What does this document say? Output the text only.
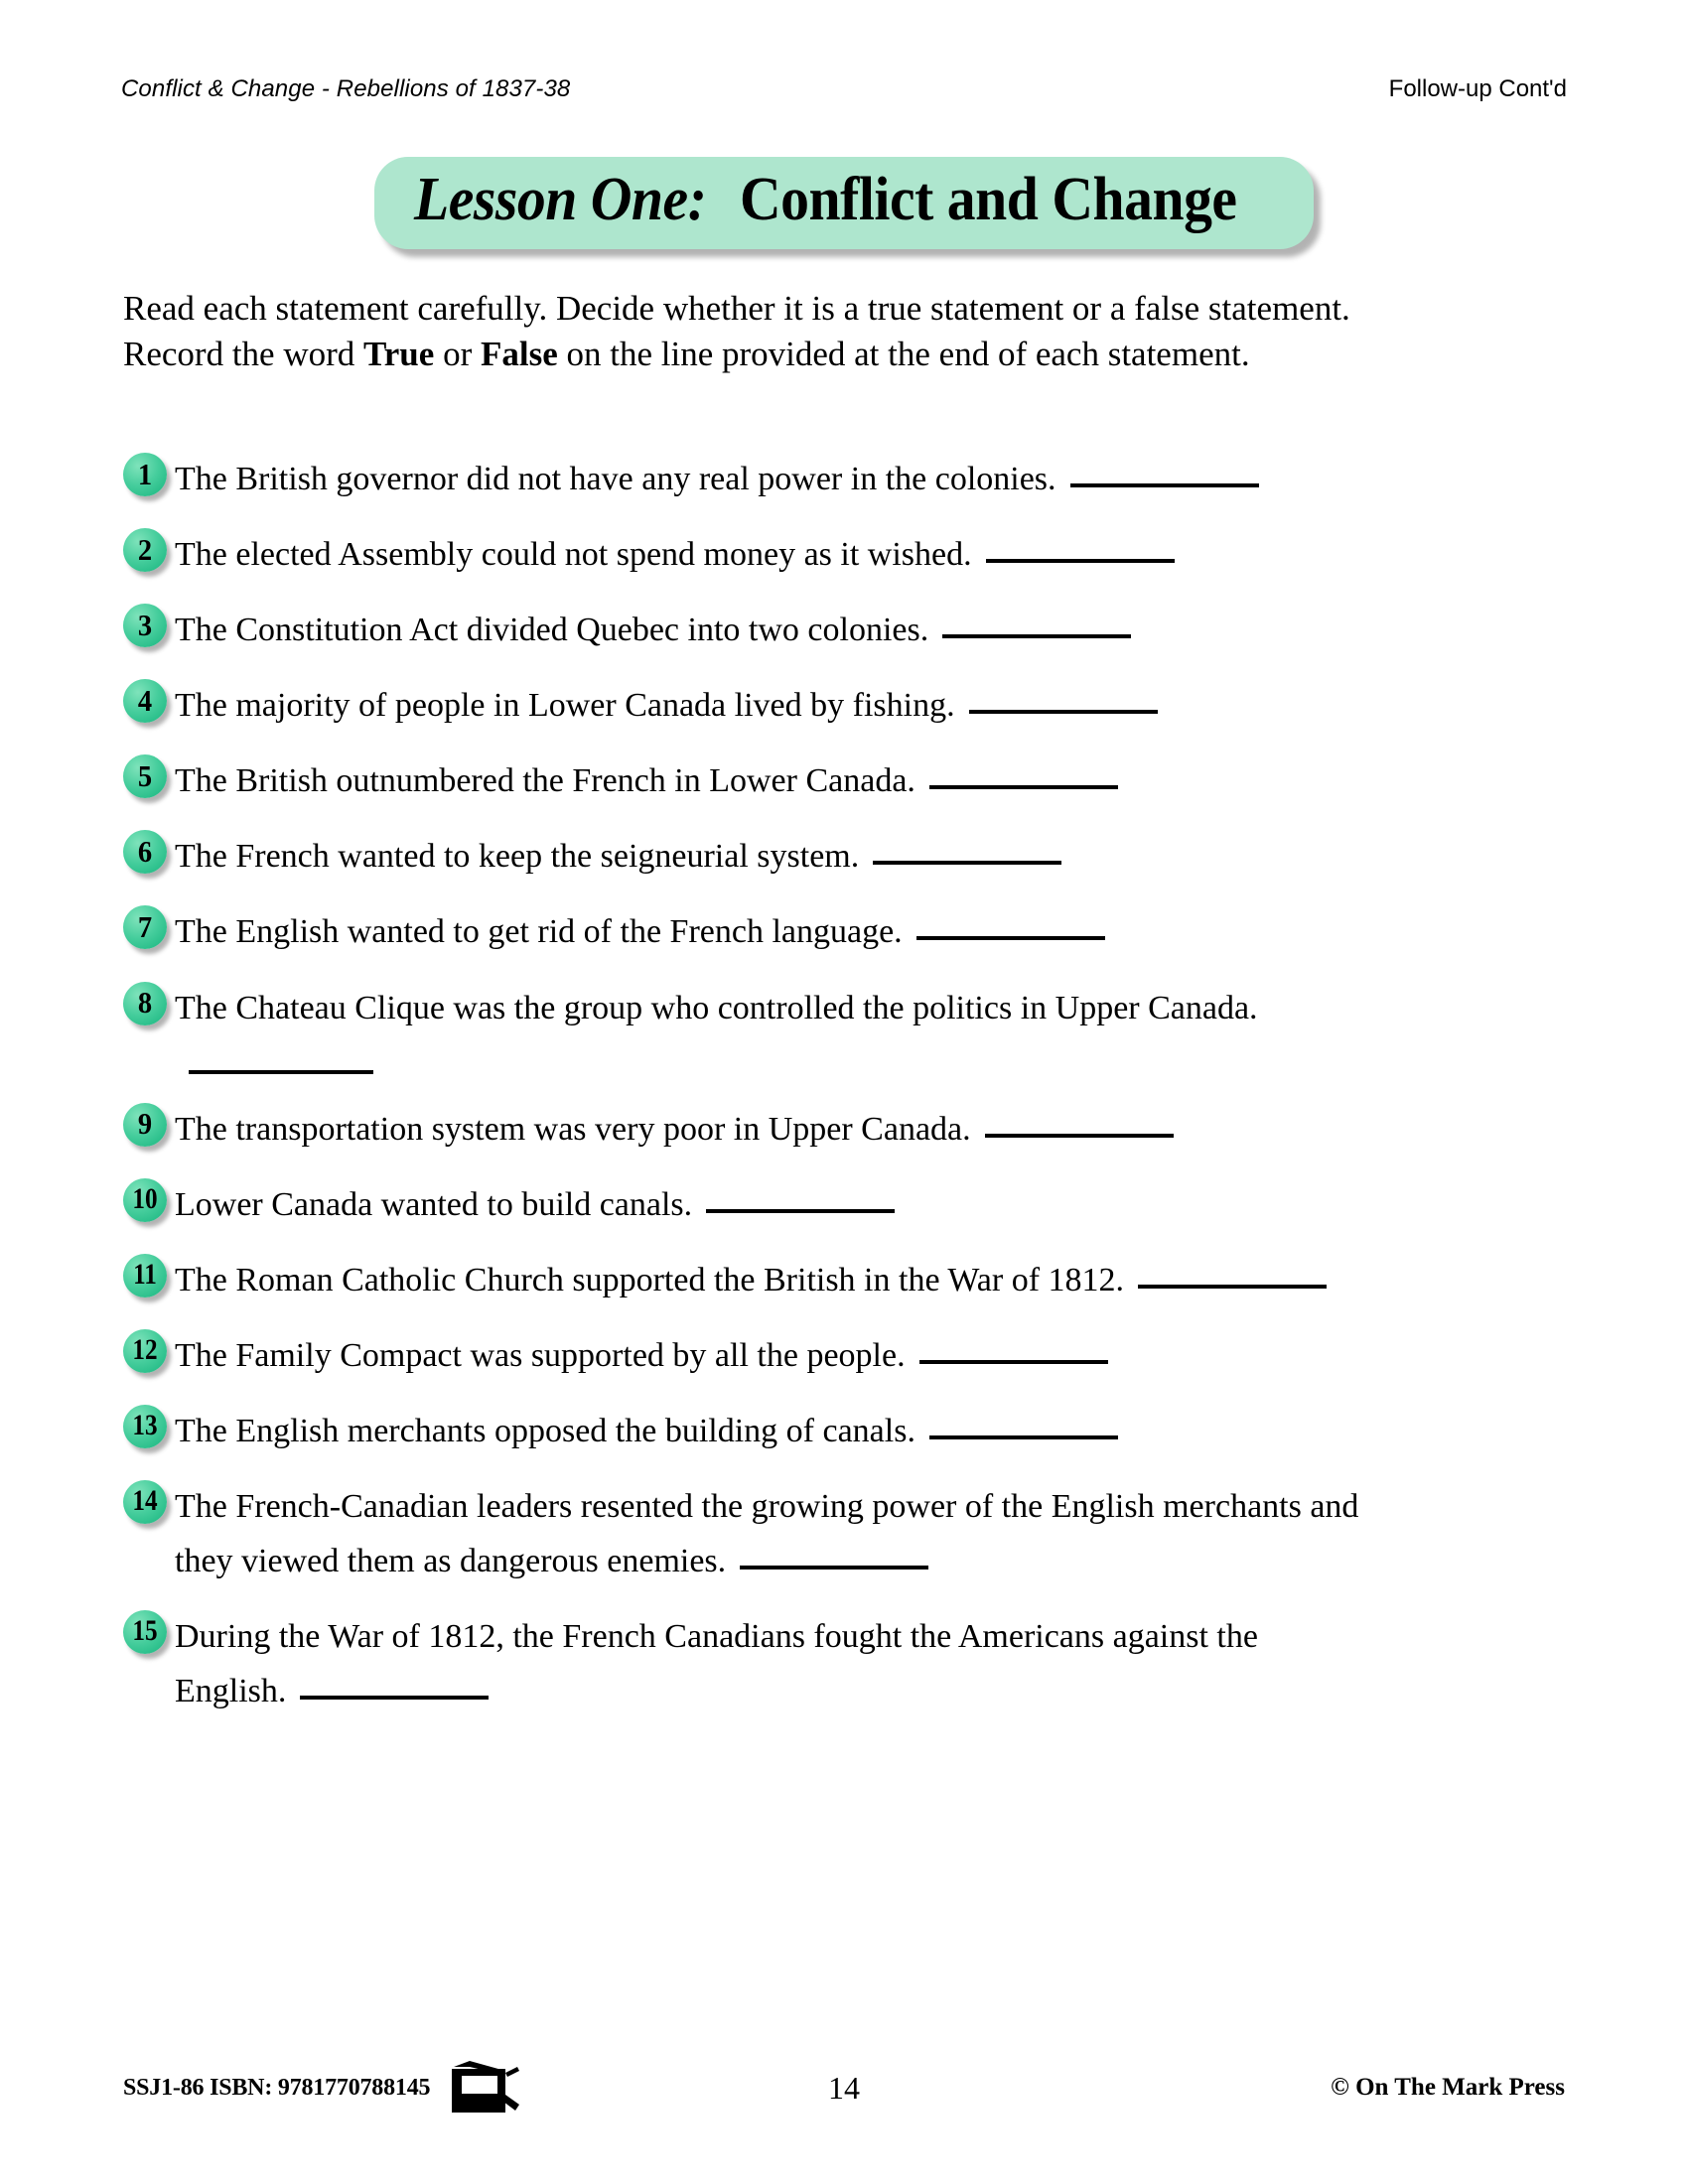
Conflict & Change - Rebellions of 1837-38	Follow-up Cont'd
Lesson One: Conflict and Change

Read each statement carefully. Decide whether it is a true statement or a false statement.

Record the word True or False on the line provided at the end of each statement.

1 The British governor did not have any real power in the colonies.
2 The elected Assembly could not spend money as it wished.
3 The Constitution Act divided Quebec into two colonies.
4 The majority of people in Lower Canada lived by fishing.
5 The British outnumbered the French in Lower Canada.
6 The French wanted to keep the seigneurial system.
7 The English wanted to get rid of the French language.
8 The Chateau Clique was the group who controlled the politics in Upper Canada.
9 The transportation system was very poor in Upper Canada.
10 Lower Canada wanted to build canals.
11 The Roman Catholic Church supported the British in the War of 1812.
12 The Family Compact was supported by all the people.
13 The English merchants opposed the building of canals.
14 The French-Canadian leaders resented the growing power of the English merchants and
they viewed them as dangerous enemies.
15 During the War of 1812, the French Canadians fought the Americans against the
English.
SSJ1-86 ISBN: 9781770788145	14	© On The Mark Press
